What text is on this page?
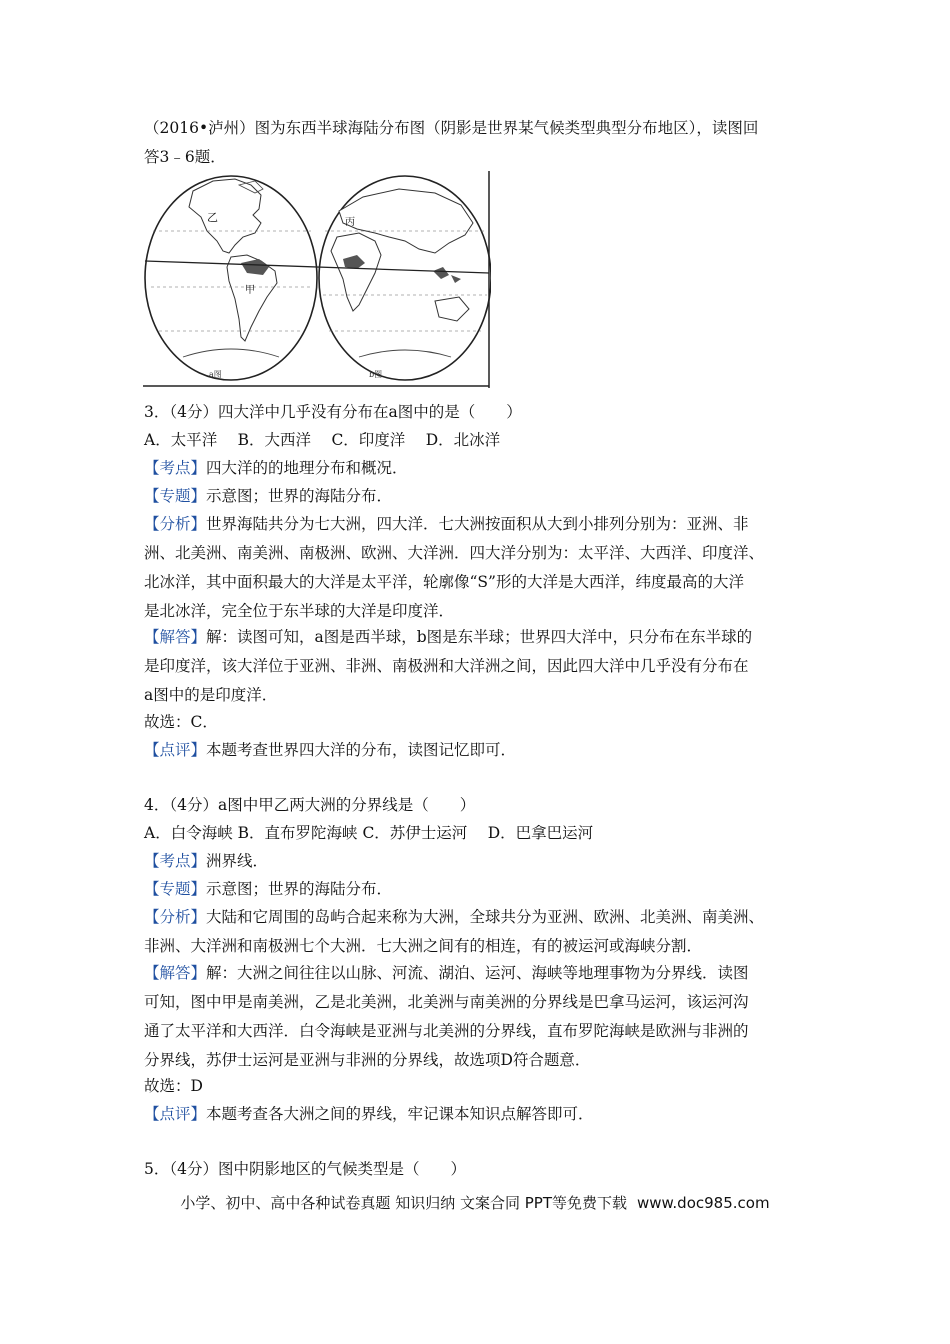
（2016•泸州）图为东西半球海陆分布图（阴影是世界某气候类型典型分布地区），读图回
答3﹣6题．
乙
甲
a图
丙
b图
3．（4分）四大洋中几乎没有分布在a图中的是（　　）
A．太平洋　 B．大西洋　 C．印度洋　 D．北冰洋
【考点】四大洋的的地理分布和概况．
【专题】示意图；世界的海陆分布．
【分析】世界海陆共分为七大洲，四大洋．七大洲按面积从大到小排列分别为：亚洲、非
洲、北美洲、南美洲、南极洲、欧洲、大洋洲．四大洋分别为：太平洋、大西洋、印度洋、
北冰洋，其中面积最大的大洋是太平洋，轮廓像“S”形的大洋是大西洋，纬度最高的大洋
是北冰洋，完全位于东半球的大洋是印度洋．
【解答】解：读图可知，a图是西半球，b图是东半球；世界四大洋中，只分布在东半球的
是印度洋，该大洋位于亚洲、非洲、南极洲和大洋洲之间，因此四大洋中几乎没有分布在
a图中的是印度洋．
故选：C．
【点评】本题考查世界四大洋的分布，读图记忆即可．
4．（4分）a图中甲乙两大洲的分界线是（　　）
A．白令海峡 B．直布罗陀海峡 C．苏伊士运河　 D．巴拿巴运河
【考点】洲界线．
【专题】示意图；世界的海陆分布．
【分析】大陆和它周围的岛屿合起来称为大洲，全球共分为亚洲、欧洲、北美洲、南美洲、
非洲、大洋洲和南极洲七个大洲．七大洲之间有的相连，有的被运河或海峡分割．
【解答】解：大洲之间往往以山脉、河流、湖泊、运河、海峡等地理事物为分界线．读图
可知，图中甲是南美洲，乙是北美洲，北美洲与南美洲的分界线是巴拿马运河，该运河沟
通了太平洋和大西洋．白令海峡是亚洲与北美洲的分界线，直布罗陀海峡是欧洲与非洲的
分界线，苏伊士运河是亚洲与非洲的分界线，故选项D符合题意．
故选：D
【点评】本题考查各大洲之间的界线，牢记课本知识点解答即可．
5．（4分）图中阴影地区的气候类型是（　　）
小学、初中、高中各种试卷真题 知识归纳 文案合同 PPT等免费下载 www.doc985.com
